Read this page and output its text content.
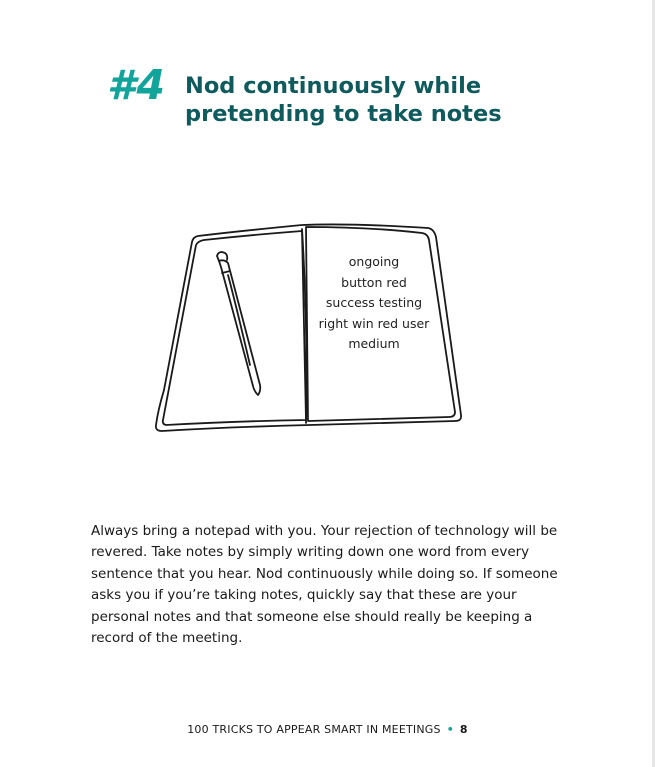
#4 Nod continuously while pretending to take notes
ongoing
button red
success testing
right win red user
medium

Always bring a notepad with you. Your rejection of technology will be revered. Take notes by simply writing down one word from every sentence that you hear. Nod continuously while doing so. If someone asks you if you’re taking notes, quickly say that these are your personal notes and that someone else should really be keeping a record of the meeting.

100 TRICKS TO APPEAR SMART IN MEETINGS • 8
